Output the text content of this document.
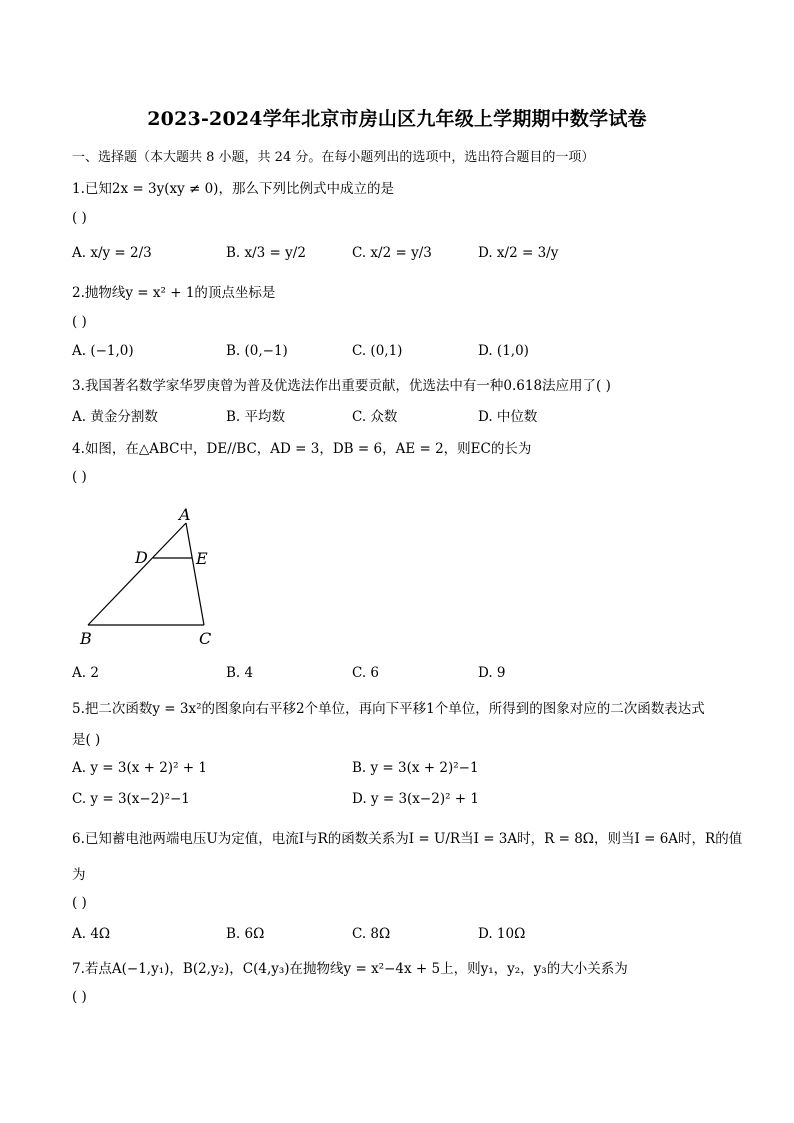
2023-2024学年北京市房山区九年级上学期期中数学试卷
一、选择题（本大题共 8 小题，共 24 分。在每小题列出的选项中，选出符合题目的一项）
1.已知2x = 3y(xy ≠ 0)，那么下列比例式中成立的是
( )
A. x/y = 2/3	B. x/3 = y/2	C. x/2 = y/3	D. x/2 = 3/y
2.抛物线y = x² + 1的顶点坐标是
( )
A. (−1,0)	B. (0,−1)	C. (0,1)	D. (1,0)
3.我国著名数学家华罗庚曾为普及优选法作出重要贡献，优选法中有一种0.618法应用了( )
A. 黄金分割数	B. 平均数	C. 众数	D. 中位数
4.如图，在△ABC中，DE//BC，AD = 3，DB = 6，AE = 2，则EC的长为
( )
A
D	E
B	C
A. 2	B. 4	C. 6	D. 9
5.把二次函数y = 3x²的图象向右平移2个单位，再向下平移1个单位，所得到的图象对应的二次函数表达式
是( )
A. y = 3(x + 2)² + 1	B. y = 3(x + 2)²−1
C. y = 3(x−2)²−1	D. y = 3(x−2)² + 1
6.已知蓄电池两端电压U为定值，电流I与R的函数关系为I = U/R当I = 3A时，R = 8Ω，则当I = 6A时，R的值
为
( )
A. 4Ω	B. 6Ω	C. 8Ω	D. 10Ω
7.若点A(−1,y₁)，B(2,y₂)，C(4,y₃)在抛物线y = x²−4x + 5上，则y₁，y₂，y₃的大小关系为
( )
